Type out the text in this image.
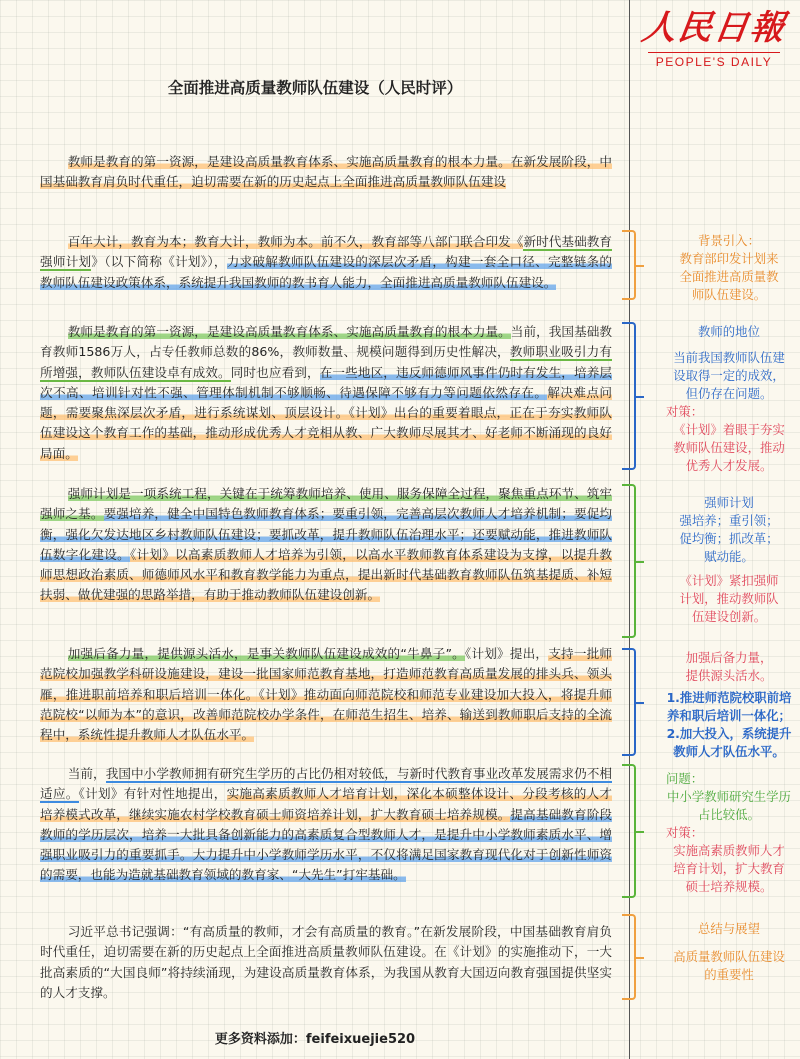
人民日報
PEOPLE'S DAILY
全面推进高质量教师队伍建设（人民时评）

教师是教育的第一资源，是建设高质量教育体系、实施高质量教育的根本力量。在新发展阶段，中国基础教育肩负时代重任，迫切需要在新的历史起点上全面推进高质量教师队伍建设

百年大计，教育为本；教育大计，教师为本。前不久，教育部等八部门联合印发《新时代基础教育强师计划》（以下简称《计划》），力求破解教师队伍建设的深层次矛盾，构建一套全口径、完整链条的教师队伍建设政策体系，系统提升我国教师的教书育人能力，全面推进高质量教师队伍建设。

教师是教育的第一资源，是建设高质量教育体系、实施高质量教育的根本力量。当前，我国基础教育教师1586万人，占专任教师总数的86%，教师数量、规模问题得到历史性解决，教师职业吸引力有所增强，教师队伍建设卓有成效。同时也应看到，在一些地区，违反师德师风事件仍时有发生，培养层次不高、培训针对性不强、管理体制机制不够顺畅、待遇保障不够有力等问题依然存在。解决难点问题，需要聚焦深层次矛盾，进行系统谋划、顶层设计。《计划》出台的重要着眼点，正在于夯实教师队伍建设这个教育工作的基础，推动形成优秀人才竞相从教、广大教师尽展其才、好老师不断涌现的良好局面。

强师计划是一项系统工程，关键在于统筹教师培养、使用、服务保障全过程，聚焦重点环节、筑牢强师之基。要强培养，健全中国特色教师教育体系；要重引领，完善高层次教师人才培养机制；要促均衡，强化欠发达地区乡村教师队伍建设；要抓改革，提升教师队伍治理水平；还要赋动能，推进教师队伍数字化建设。《计划》以高素质教师人才培养为引领，以高水平教师教育体系建设为支撑，以提升教师思想政治素质、师德师风水平和教育教学能力为重点，提出新时代基础教育教师队伍筑基提质、补短扶弱、做优建强的思路举措，有助于推动教师队伍建设创新。

加强后备力量，提供源头活水，是事关教师队伍建设成效的“牛鼻子”。《计划》提出，支持一批师范院校加强教学科研设施建设，建设一批国家师范教育基地，打造师范教育高质量发展的排头兵、领头雁，推进职前培养和职后培训一体化。《计划》推动面向师范院校和师范专业建设加大投入，将提升师范院校“以师为本”的意识，改善师范院校办学条件，在师范生招生、培养、输送到教师职后支持的全流程中，系统性提升教师人才队伍水平。

当前，我国中小学教师拥有研究生学历的占比仍相对较低，与新时代教育事业改革发展需求仍不相适应。《计划》有针对性地提出，实施高素质教师人才培育计划，深化本硕整体设计、分段考核的人才培养模式改革，继续实施农村学校教育硕士师资培养计划，扩大教育硕士培养规模。提高基础教育阶段教师的学历层次，培养一大批具备创新能力的高素质复合型教师人才，是提升中小学教师素质水平、增强职业吸引力的重要抓手。大力提升中小学教师学历水平，不仅将满足国家教育现代化对于创新性师资的需要，也能为造就基础教育领域的教育家、“大先生”打牢基础。

习近平总书记强调：“有高质量的教师，才会有高质量的教育。”在新发展阶段，中国基础教育肩负时代重任，迫切需要在新的历史起点上全面推进高质量教师队伍建设。在《计划》的实施推动下，一大批高素质的“大国良师”将持续涌现，为建设高质量教育体系，为我国从教育大国迈向教育强国提供坚实的人才支撑。

更多资料添加：feifeixuejie520
背景引入：
教育部印发计划来
全面推进高质量教
师队伍建设。
教师的地位
当前我国教师队伍建
设取得一定的成效，
但仍存在问题。
对策：
《计划》着眼于夯实
教师队伍建设，推动
优秀人才发展。
强师计划
强培养；重引领；
促均衡；抓改革；
赋动能。
《计划》紧扣强师
计划，推动教师队
伍建设创新。
加强后备力量，
提供源头活水。
1.推进师范院校职前培
养和职后培训一体化；
2.加大投入，系统提升
教师人才队伍水平。
问题：
中小学教师研究生学历
占比较低。
对策：
实施高素质教师人才
培育计划，扩大教育
硕士培养规模。
总结与展望
高质量教师队伍建设
的重要性
